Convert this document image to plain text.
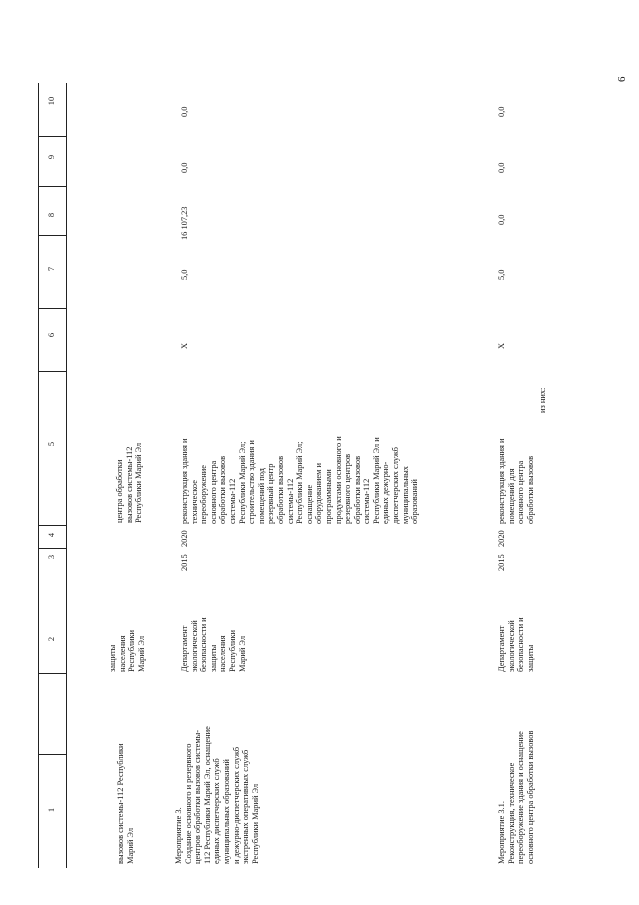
6
1
2
3
4
5
6
7
8
9
10
вызовов системы-112 Республики
Марий Эл
защиты
населения
Республики
Марий Эл
центра обработки
вызовов системы-112
Республики Марий Эл
Мероприятие 3.
Создание основного и резервного
центров обработки вызовов системы-
112 Республики Марий Эл, оснащение
единых диспетчерских служб
муниципальных образований
и дежурно-диспетчерских служб
экстренных оперативных служб
Республики Марий Эл
Департамент
экологической
безопасности и
защиты
населения
Республики
Марий Эл
2015
2020
реконструкция здания и
техническое
переоборужение
основного центра
обработки вызовов
системы-112
Республики Марий Эл;
строительство здания и
помещений под
резервный центр
обработки вызовов
системы-112
Республики Марий Эл;
оснащение
оборудованием и
программными
продуктами основного и
резервного центров
обработки вызовов
системы-112
Республики Марий Эл и
единых дежурно-
диспетчерских служб
муниципальных
образований
X
5,0
16 107,23
0,0
0,0
Мероприятие 3.1.
Реконструкция, техническое
переоборужение здания и оснащение
основного центра обработки вызовов
Департамент
экологической
безопасности и
защиты
2015
2020
реконструкция здания и
помещений для
основного центра
обработки вызовов
из них:
X
5,0
0,0
0,0
0,0
